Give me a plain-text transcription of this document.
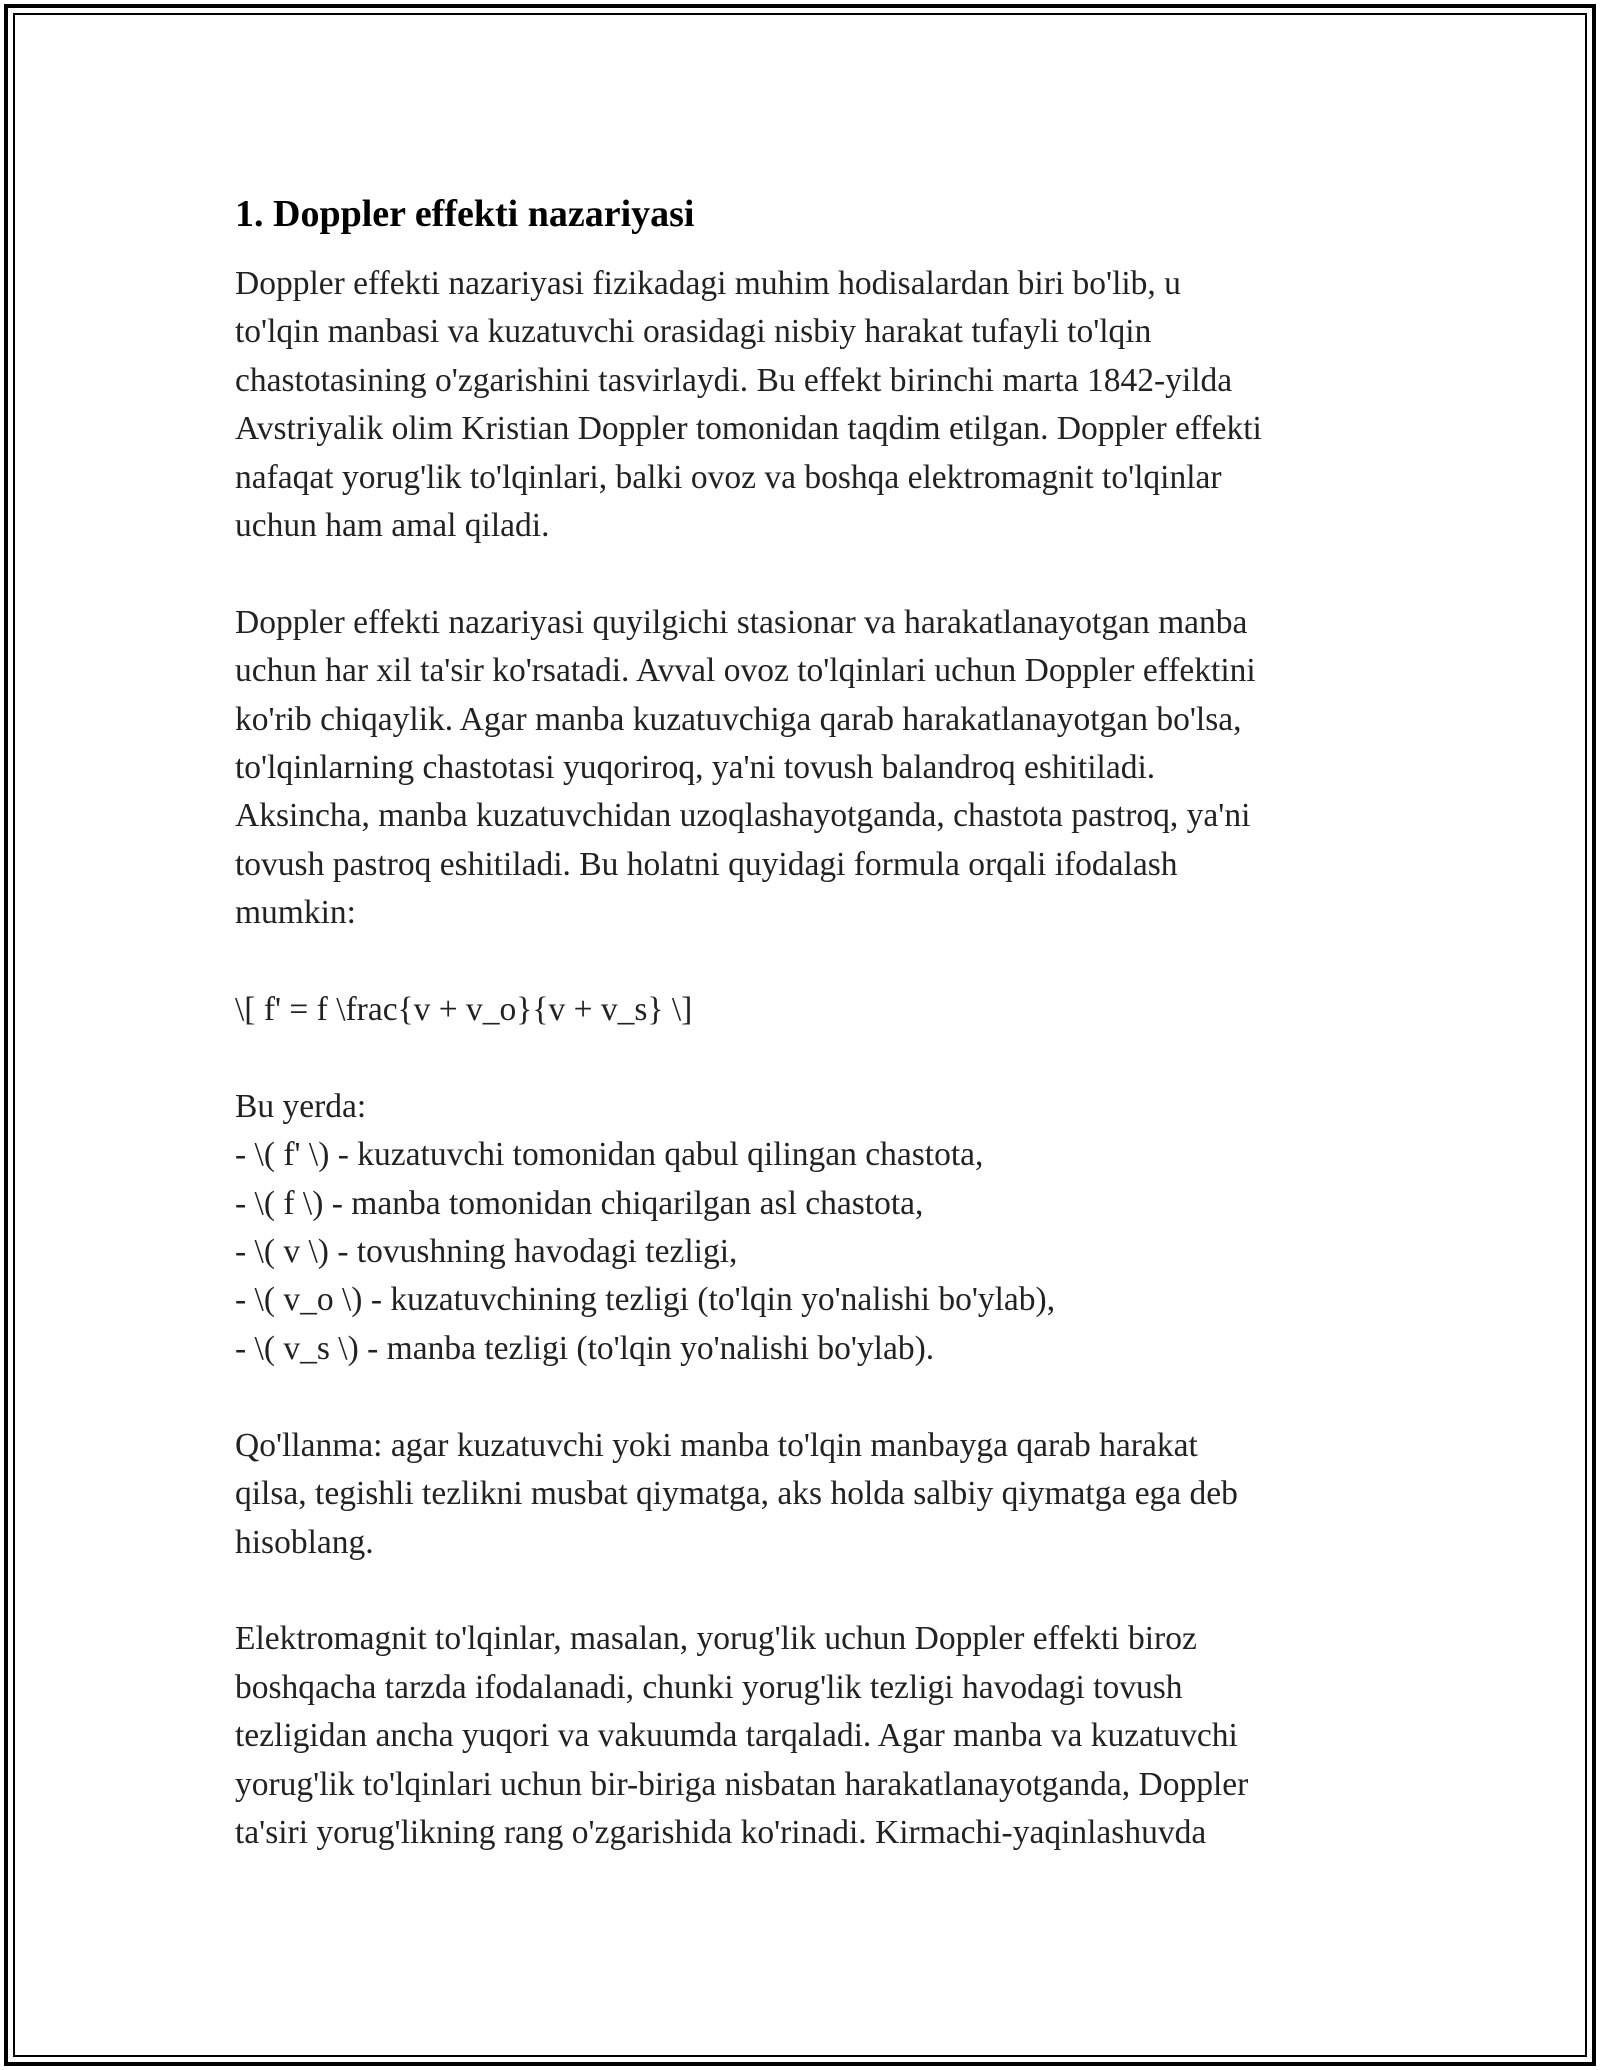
1. Doppler effekti nazariyasi
Doppler effekti nazariyasi fizikadagi muhim hodisalardan biri bo'lib, u
to'lqin manbasi va kuzatuvchi orasidagi nisbiy harakat tufayli to'lqin
chastotasining o'zgarishini tasvirlaydi. Bu effekt birinchi marta 1842-yilda
Avstriyalik olim Kristian Doppler tomonidan taqdim etilgan. Doppler effekti
nafaqat yorug'lik to'lqinlari, balki ovoz va boshqa elektromagnit to'lqinlar
uchun ham amal qiladi.
Doppler effekti nazariyasi quyilgichi stasionar va harakatlanayotgan manba
uchun har xil ta'sir ko'rsatadi. Avval ovoz to'lqinlari uchun Doppler effektini
ko'rib chiqaylik. Agar manba kuzatuvchiga qarab harakatlanayotgan bo'lsa,
to'lqinlarning chastotasi yuqoriroq, ya'ni tovush balandroq eshitiladi.
Aksincha, manba kuzatuvchidan uzoqlashayotganda, chastota pastroq, ya'ni
tovush pastroq eshitiladi. Bu holatni quyidagi formula orqali ifodalash
mumkin:
\[ f' = f \frac{v + v_o}{v + v_s} \]
Bu yerda:
- \( f' \) - kuzatuvchi tomonidan qabul qilingan chastota,
- \( f \) - manba tomonidan chiqarilgan asl chastota,
- \( v \) - tovushning havodagi tezligi,
- \( v_o \) - kuzatuvchining tezligi (to'lqin yo'nalishi bo'ylab),
- \( v_s \) - manba tezligi (to'lqin yo'nalishi bo'ylab).
Qo'llanma: agar kuzatuvchi yoki manba to'lqin manbayga qarab harakat
qilsa, tegishli tezlikni musbat qiymatga, aks holda salbiy qiymatga ega deb
hisoblang.
Elektromagnit to'lqinlar, masalan, yorug'lik uchun Doppler effekti biroz
boshqacha tarzda ifodalanadi, chunki yorug'lik tezligi havodagi tovush
tezligidan ancha yuqori va vakuumda tarqaladi. Agar manba va kuzatuvchi
yorug'lik to'lqinlari uchun bir-biriga nisbatan harakatlanayotganda, Doppler
ta'siri yorug'likning rang o'zgarishida ko'rinadi. Kirmachi-yaqinlashuvda
